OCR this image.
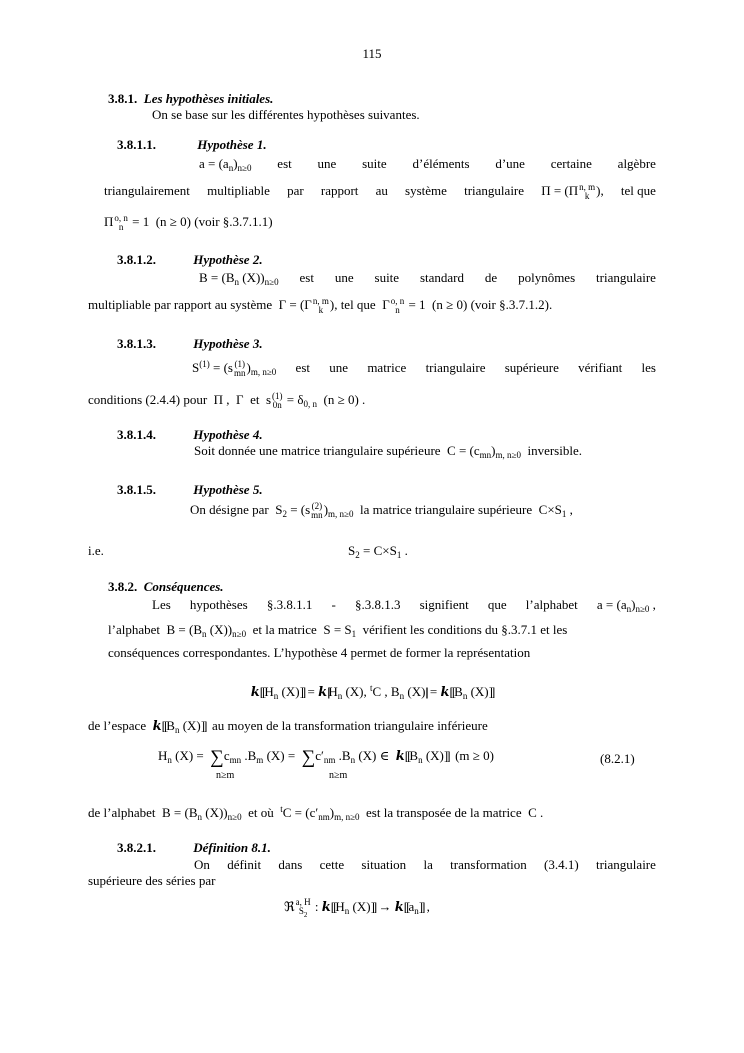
115
3.8.1. Les hypothèses initiales.
On se base sur les différentes hypothèses suivantes.
3.8.1.1.	Hypothèse 1.
$a = (a_n)_{n\ge 0}$ est une suite d’éléments d’une certaine algèbre
triangulairement multipliable par rapport au système triangulaire Π = (Π n, m
k ), tel que
Π o, n
n = 1  (n ≥ 0) (voir §.3.7.1.1)
3.8.1.2.	Hypothèse 2.
$B = (B_n$ $(X))_{n\ge 0}$ est une suite standard de polynômes triangulaire
multipliable par rapport au système  Γ = (Γ n, m
k ), tel que  Γ o, n
n = 1  (n ≥ 0) (voir §.3.7.1.2).
3.8.1.3.	Hypothèse 3.
$S^{(1)} = (s$ (1)
mn )$_{m, n\ge 0}$ est une matrice triangulaire supérieure vérifiant les
conditions (2.4.4) pour  Π ,  Γ  et  s (1)
$0n = \delta_{0, n}$  (n ≥ 0) .
3.8.1.4.	Hypothèse 4.
Soit donnée une matrice triangulaire supérieure  $C = (c_{mn})_{m, n\ge 0}$ inversible.
3.8.1.5.	Hypothèse 5.
On désigne par  $S_2 = (s$ (2)
mn )$_{m, n\ge 0}$ la matrice triangulaire supérieure  $C\times S_1$ ,
i.e.	$S_2 = C\times S_1$ .
3.8.2. Conséquences.
Les hypothèses §.3.8.1.1 - §.3.8.1.3 signifient que l’alphabet $a = (a_n)_{n\ge 0}$ ,
l’alphabet  $B = (B_n$ $(X))_{n\ge 0}$ et la matrice  $S = S_1$ vérifient les conditions du §.3.7.1 et les
conséquences correspondantes. L’hypothèse 4 permet de former la représentation
$k[[H_n$ $(X)]] = k||H_n$ (X), $^t$C , $B_n$ $(X)|| = k[[B_n$ (X)]]
de l’espace $k[[B_n$ (X)]] au moyen de la transformation triangulaire inférieure
$H_n$ $(X) = \sum c_{mn}$ $.B_m$ $(X) = \sum c'_{nm}$ $.B_n$ (X) ∈  $k[[B_n$ (X)]]  (m ≥ 0)
n≥m	n≥m
(8.2.1)
de l’alphabet  $B = (B_n$ $(X))_{n\ge 0}$ et où $^tC = (c'_{nm})_{m, n\ge 0}$ est la transposée de la matrice  C .
3.8.2.1.	Définition 8.1.
On définit dans cette situation la transformation (3.4.1) triangulaire
supérieure des séries par
ℜ a, H
$S_2$
: $k[[H_n$ $(X)]] \to k[[a_n]]$ ,
